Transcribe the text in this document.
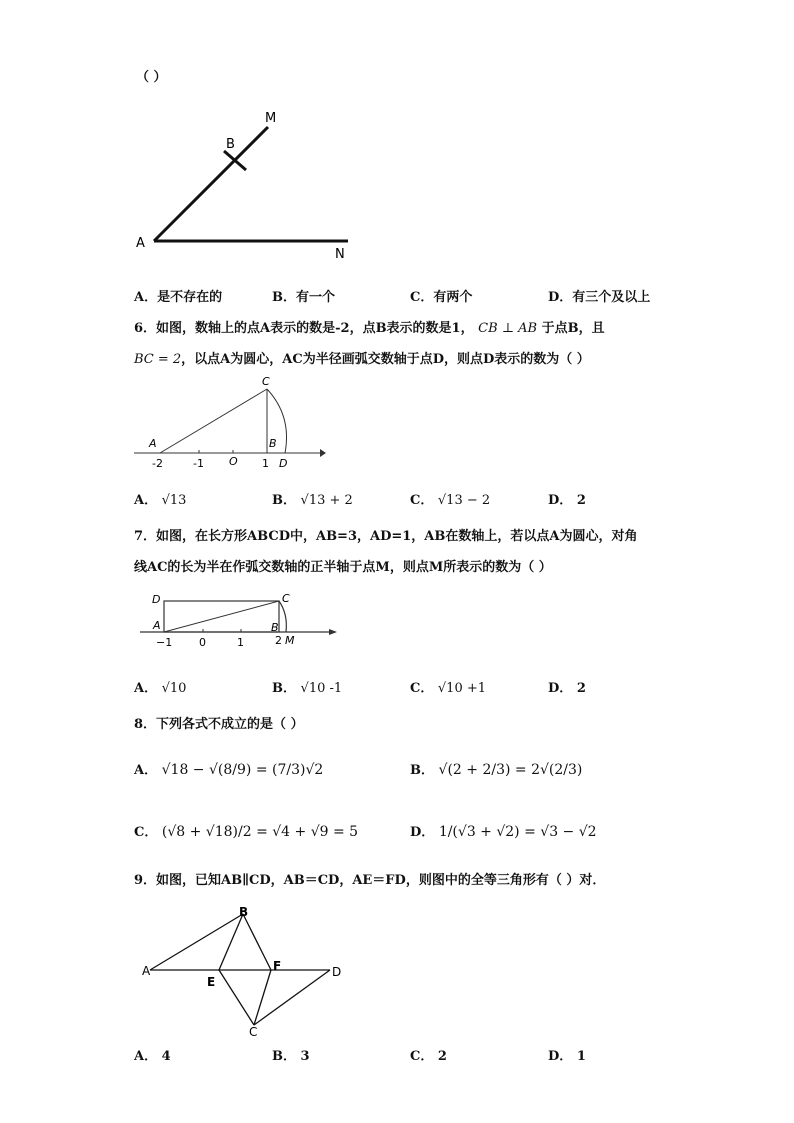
（ ）
M
B
A
N
A．是不存在的	B．有一个	C．有两个	D．有三个及以上
6．如图，数轴上的点A表示的数是-2，点B表示的数是1， CB ⊥ AB 于点B，且
BC = 2，以点A为圆心，AC为半径画弧交数轴于点D，则点D表示的数为（ ）
C
A	B
O	D
-2	-1	1
A． √13	B． √13 + 2	C． √13 − 2	D． 2
7．如图，在长方形ABCD中，AB=3，AD=1，AB在数轴上，若以点A为圆心，对角
线AC的长为半在作弧交数轴的正半轴于点M，则点M所表示的数为（ ）
D	C
A	B
M
−1 0	1	2
A． √10	B． √10 -1	C． √10 +1	D． 2
8．下列各式不成立的是（ ）
A． √18 − √(8/9) = (7/3)√2	B． √(2 + 2/3) = 2√(2/3)
C． (√8 + √18)/2 = √4 + √9 = 5	D． 1/(√3 + √2) = √3 − √2
9．如图，已知AB∥CD，AB＝CD，AE＝FD，则图中的全等三角形有（ ）对．
B
A	D
E
F
C
A． 4	B． 3	C． 2	D． 1
